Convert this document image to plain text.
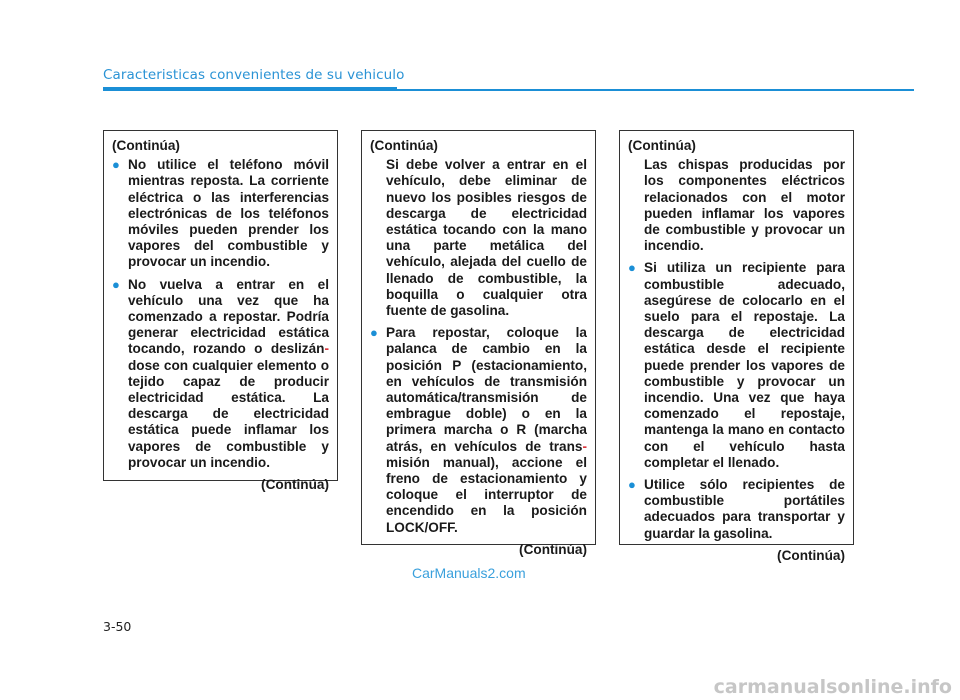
Caracteristicas convenientes de su vehiculo
(Continúa)
● No utilice el teléfono móvil mientras reposta. La corriente eléctrica o las interferencias electrónicas de los teléfonos móviles pueden prender los vapores del combustible y provocar un incendio.
● No vuelva a entrar en el vehículo una vez que ha comenzado a repostar. Podría generar electricidad estática tocando, rozando o deslizán- dose con cualquier elemento o tejido capaz de producir electricidad estática. La descarga de electricidad estática puede inflamar los vapores de combustible y provocar un incendio.
(Continúa)
(Continúa)
Si debe volver a entrar en el vehículo, debe eliminar de nuevo los posibles riesgos de descarga de electricidad estática tocando con la mano una parte metálica del vehículo, alejada del cuello de llenado de combustible, la boquilla o cualquier otra fuente de gasolina.
● Para repostar, coloque la palanca de cambio en la posición P (estacionamiento, en vehículos de transmisión automática/transmisión de embrague doble) o en la primera marcha o R (marcha atrás, en vehículos de trans- misión manual), accione el freno de estacionamiento y coloque el interruptor de encendido en la posición LOCK/OFF.
(Continúa)
(Continúa)
Las chispas producidas por los componentes eléctricos relacionados con el motor pueden inflamar los vapores de combustible y provocar un incendio.
● Si utiliza un recipiente para combustible adecuado, asegúrese de colocarlo en el suelo para el repostaje. La descarga de electricidad estática desde el recipiente puede prender los vapores de combustible y provocar un incendio. Una vez que haya comenzado el repostaje, mantenga la mano en contacto con el vehículo hasta completar el llenado.
● Utilice sólo recipientes de combustible portátiles adecuados para transportar y guardar la gasolina.
(Continúa)
CarManuals2.com
3-50
carmanualsonline.info
